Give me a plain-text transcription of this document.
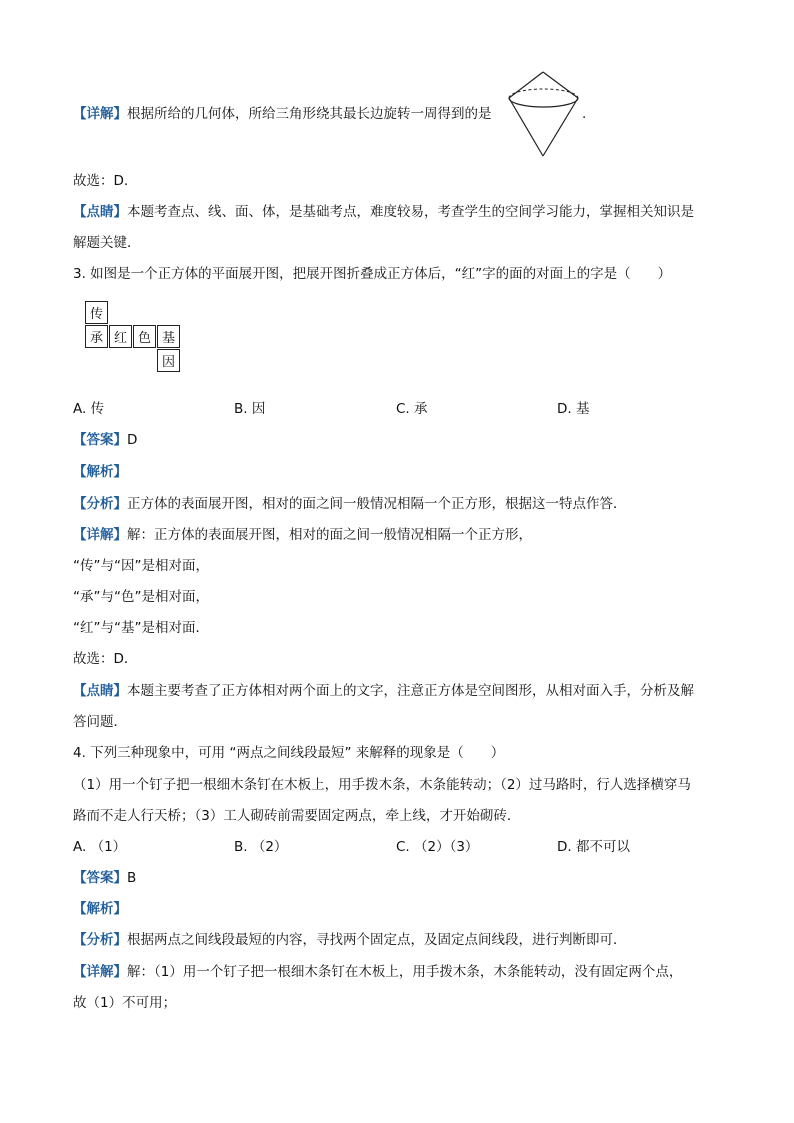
【详解】根据所给的几何体，所给三角形绕其最长边旋转一周得到的是	.
故选：D．
【点睛】本题考查点、线、面、体，是基础考点，难度较易，考查学生的空间学习能力，掌握相关知识是
解题关键．
3. 如图是一个正方体的平面展开图，把展开图折叠成正方体后，“红”字的面的对面上的字是（　　）
传
承 红 色 基
因
A. 传	B. 因	C. 承	D. 基
【答案】D
【解析】
【分析】正方体的表面展开图，相对的面之间一般情况相隔一个正方形，根据这一特点作答．
【详解】解：正方体的表面展开图，相对的面之间一般情况相隔一个正方形，
“传”与“因”是相对面，
“承”与“色”是相对面，
“红”与“基”是相对面．
故选：D．
【点睛】本题主要考查了正方体相对两个面上的文字，注意正方体是空间图形，从相对面入手，分析及解
答问题．
4. 下列三种现象中，可用 “两点之间线段最短” 来解释的现象是（　　）
（1）用一个钉子把一根细木条钉在木板上，用手拨木条，木条能转动；（2）过马路时，行人选择横穿马
路而不走人行天桥；（3）工人砌砖前需要固定两点，牵上线，才开始砌砖．
A. （1）	B. （2）	C. （2）（3）	D. 都不可以
【答案】B
【解析】
【分析】根据两点之间线段最短的内容，寻找两个固定点，及固定点间线段，进行判断即可．
【详解】解：（1）用一个钉子把一根细木条钉在木板上，用手拨木条，木条能转动，没有固定两个点，
故（1）不可用；
